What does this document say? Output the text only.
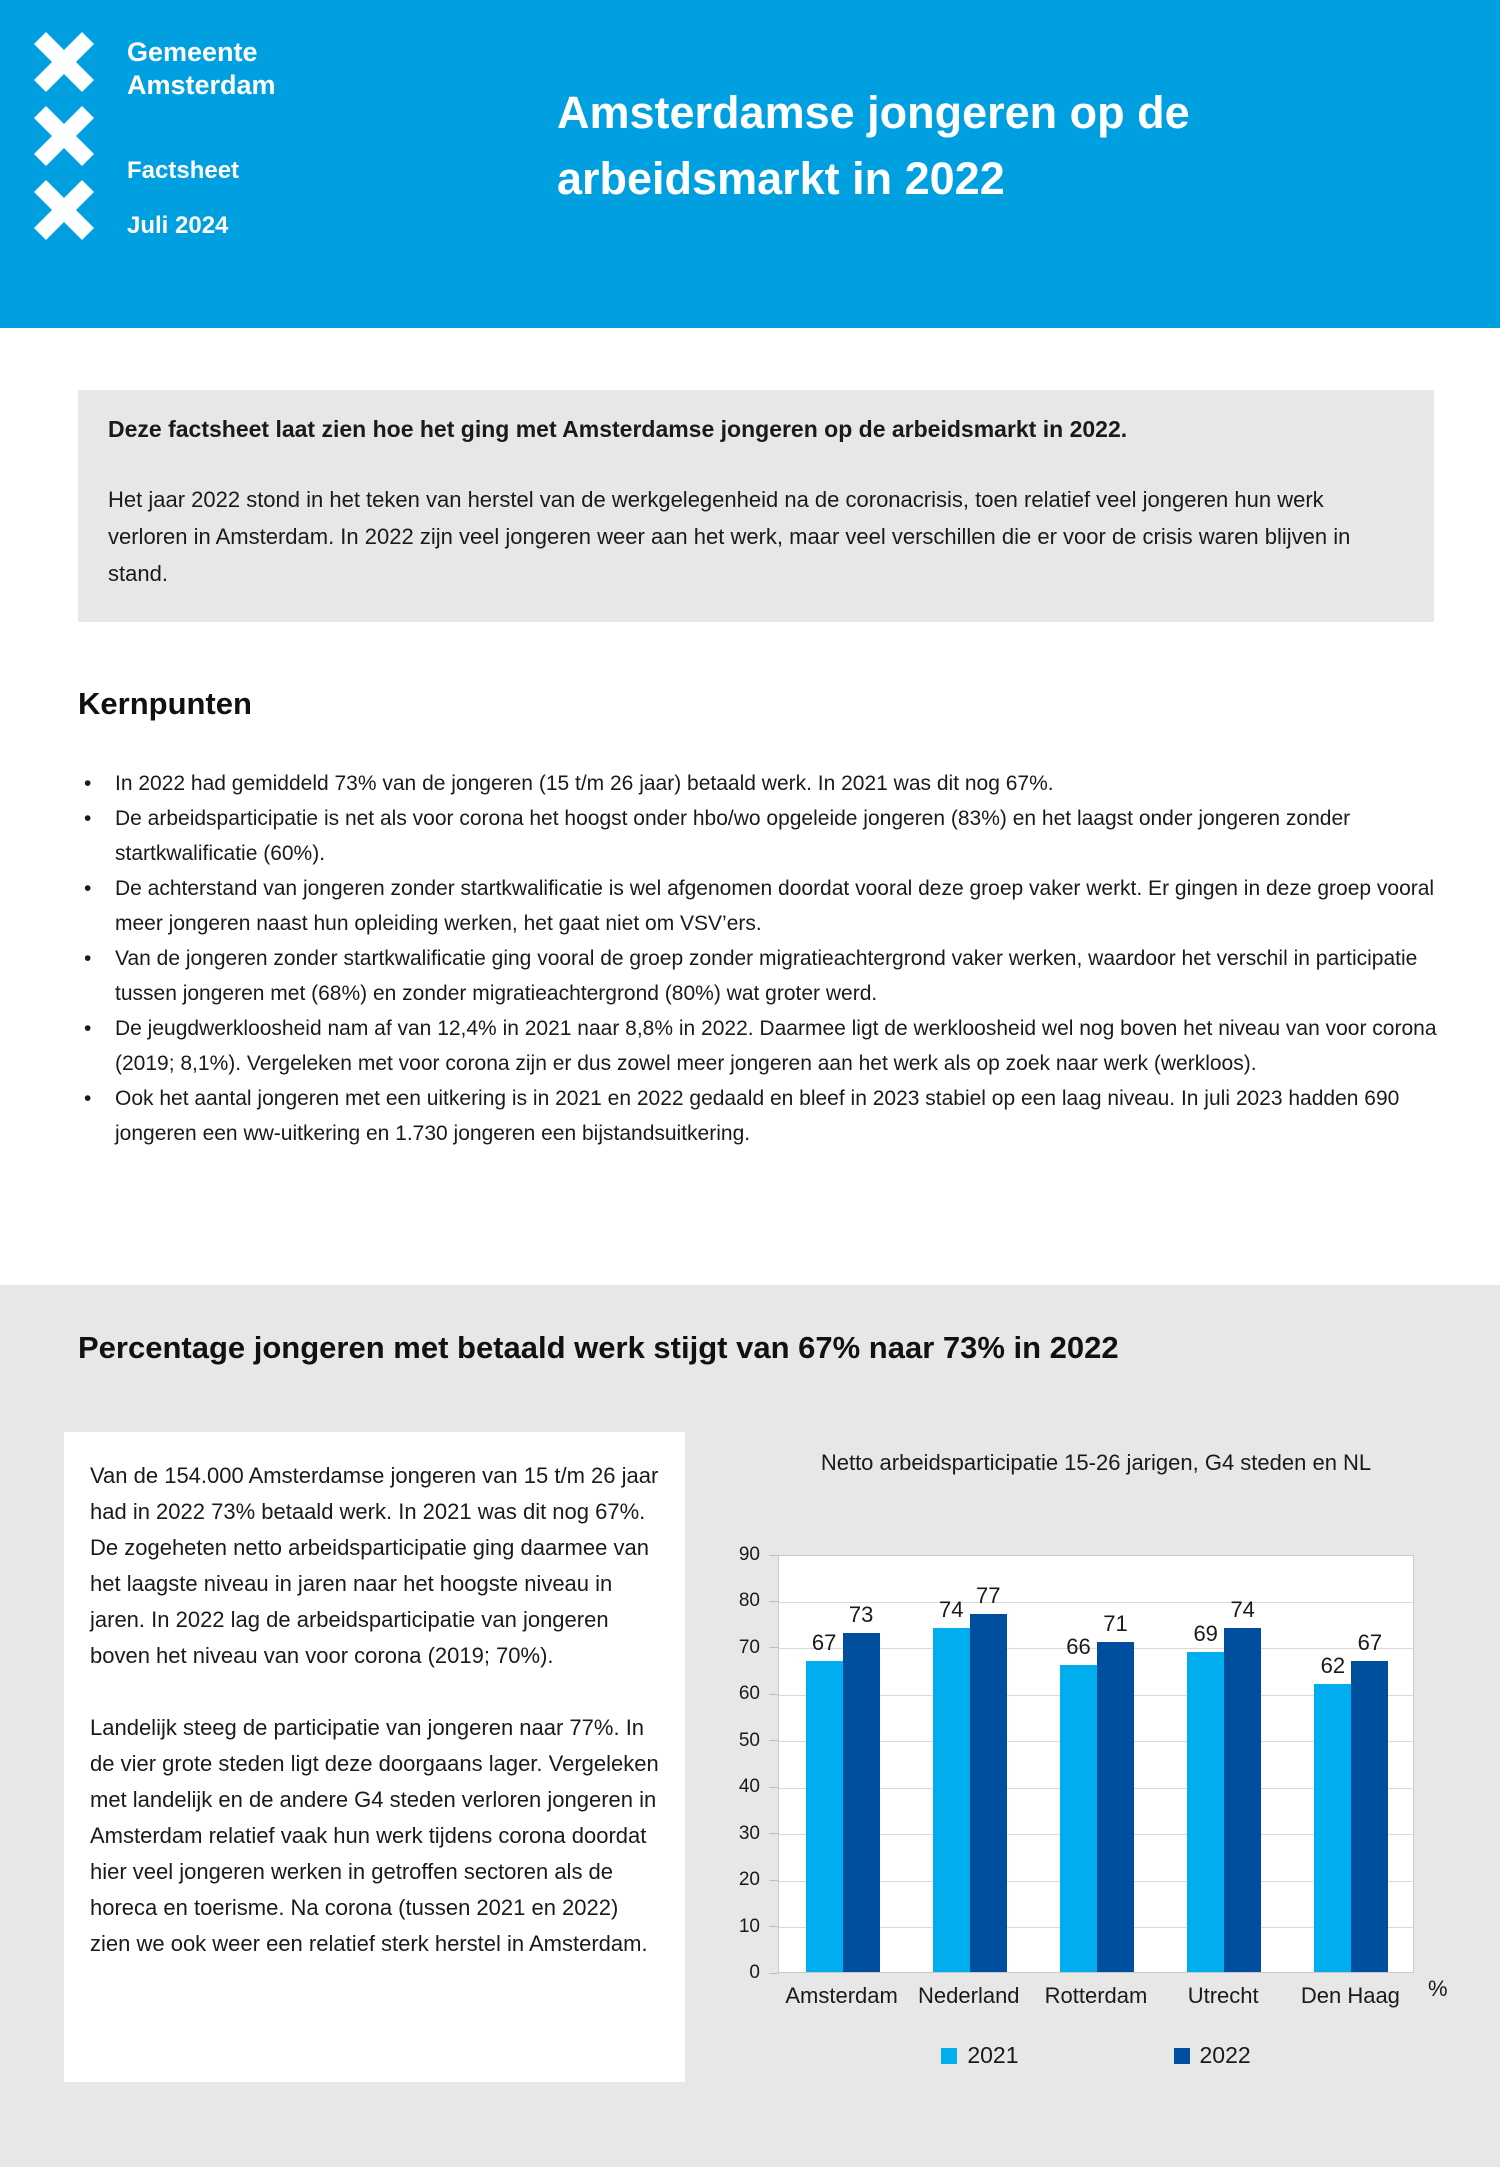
Gemeente
Amsterdam
Factsheet
Juli 2024
Amsterdamse jongeren op de
arbeidsmarkt in 2022

Deze factsheet laat zien hoe het ging met Amsterdamse jongeren op de arbeidsmarkt in 2022.

Het jaar 2022 stond in het teken van herstel van de werkgelegenheid na de coronacrisis, toen relatief veel jongeren hun werk verloren in Amsterdam. In 2022 zijn veel jongeren weer aan het werk, maar veel verschillen die er voor de crisis waren blijven in stand.

Kernpunten
• In 2022 had gemiddeld 73% van de jongeren (15 t/m 26 jaar) betaald werk. In 2021 was dit nog 67%.
• De arbeidsparticipatie is net als voor corona het hoogst onder hbo/wo opgeleide jongeren (83%) en het laagst onder jongeren zonder startkwalificatie (60%).
• De achterstand van jongeren zonder startkwalificatie is wel afgenomen doordat vooral deze groep vaker werkt. Er gingen in deze groep vooral meer jongeren naast hun opleiding werken, het gaat niet om VSV’ers.
• Van de jongeren zonder startkwalificatie ging vooral de groep zonder migratieachtergrond vaker werken, waardoor het verschil in participatie tussen jongeren met (68%) en zonder migratieachtergrond (80%) wat groter werd.
• De jeugdwerkloosheid nam af van 12,4% in 2021 naar 8,8% in 2022. Daarmee ligt de werkloosheid wel nog boven het niveau van voor corona (2019; 8,1%). Vergeleken met voor corona zijn er dus zowel meer jongeren aan het werk als op zoek naar werk (werkloos).
• Ook het aantal jongeren met een uitkering is in 2021 en 2022 gedaald en bleef in 2023 stabiel op een laag niveau. In juli 2023 hadden 690 jongeren een ww-uitkering en 1.730 jongeren een bijstandsuitkering.
Percentage jongeren met betaald werk stijgt van 67% naar 73% in 2022

Van de 154.000 Amsterdamse jongeren van 15 t/m 26 jaar had in 2022 73% betaald werk. In 2021 was dit nog 67%. De zogeheten netto arbeidsparticipatie ging daarmee van het laagste niveau in jaren naar het hoogste niveau in jaren. In 2022 lag de arbeidsparticipatie van jongeren boven het niveau van voor corona (2019; 70%).

Landelijk steeg de participatie van jongeren naar 77%. In de vier grote steden ligt deze doorgaans lager. Vergeleken met landelijk en de andere G4 steden verloren jongeren in Amsterdam relatief vaak hun werk tijdens corona doordat hier veel jongeren werken in getroffen sectoren als de horeca en toerisme. Na corona (tussen 2021 en 2022) zien we ook weer een relatief sterk herstel in Amsterdam.

Netto arbeidsparticipatie 15-26 jarigen, G4 steden en NL
67
73	74
77
66
71	69
74
62
67
%
2021	2022
0
10
20
30
40
50
60
70
80
90
Amsterdam Nederland	Rotterdam	Utrecht	Den Haag
